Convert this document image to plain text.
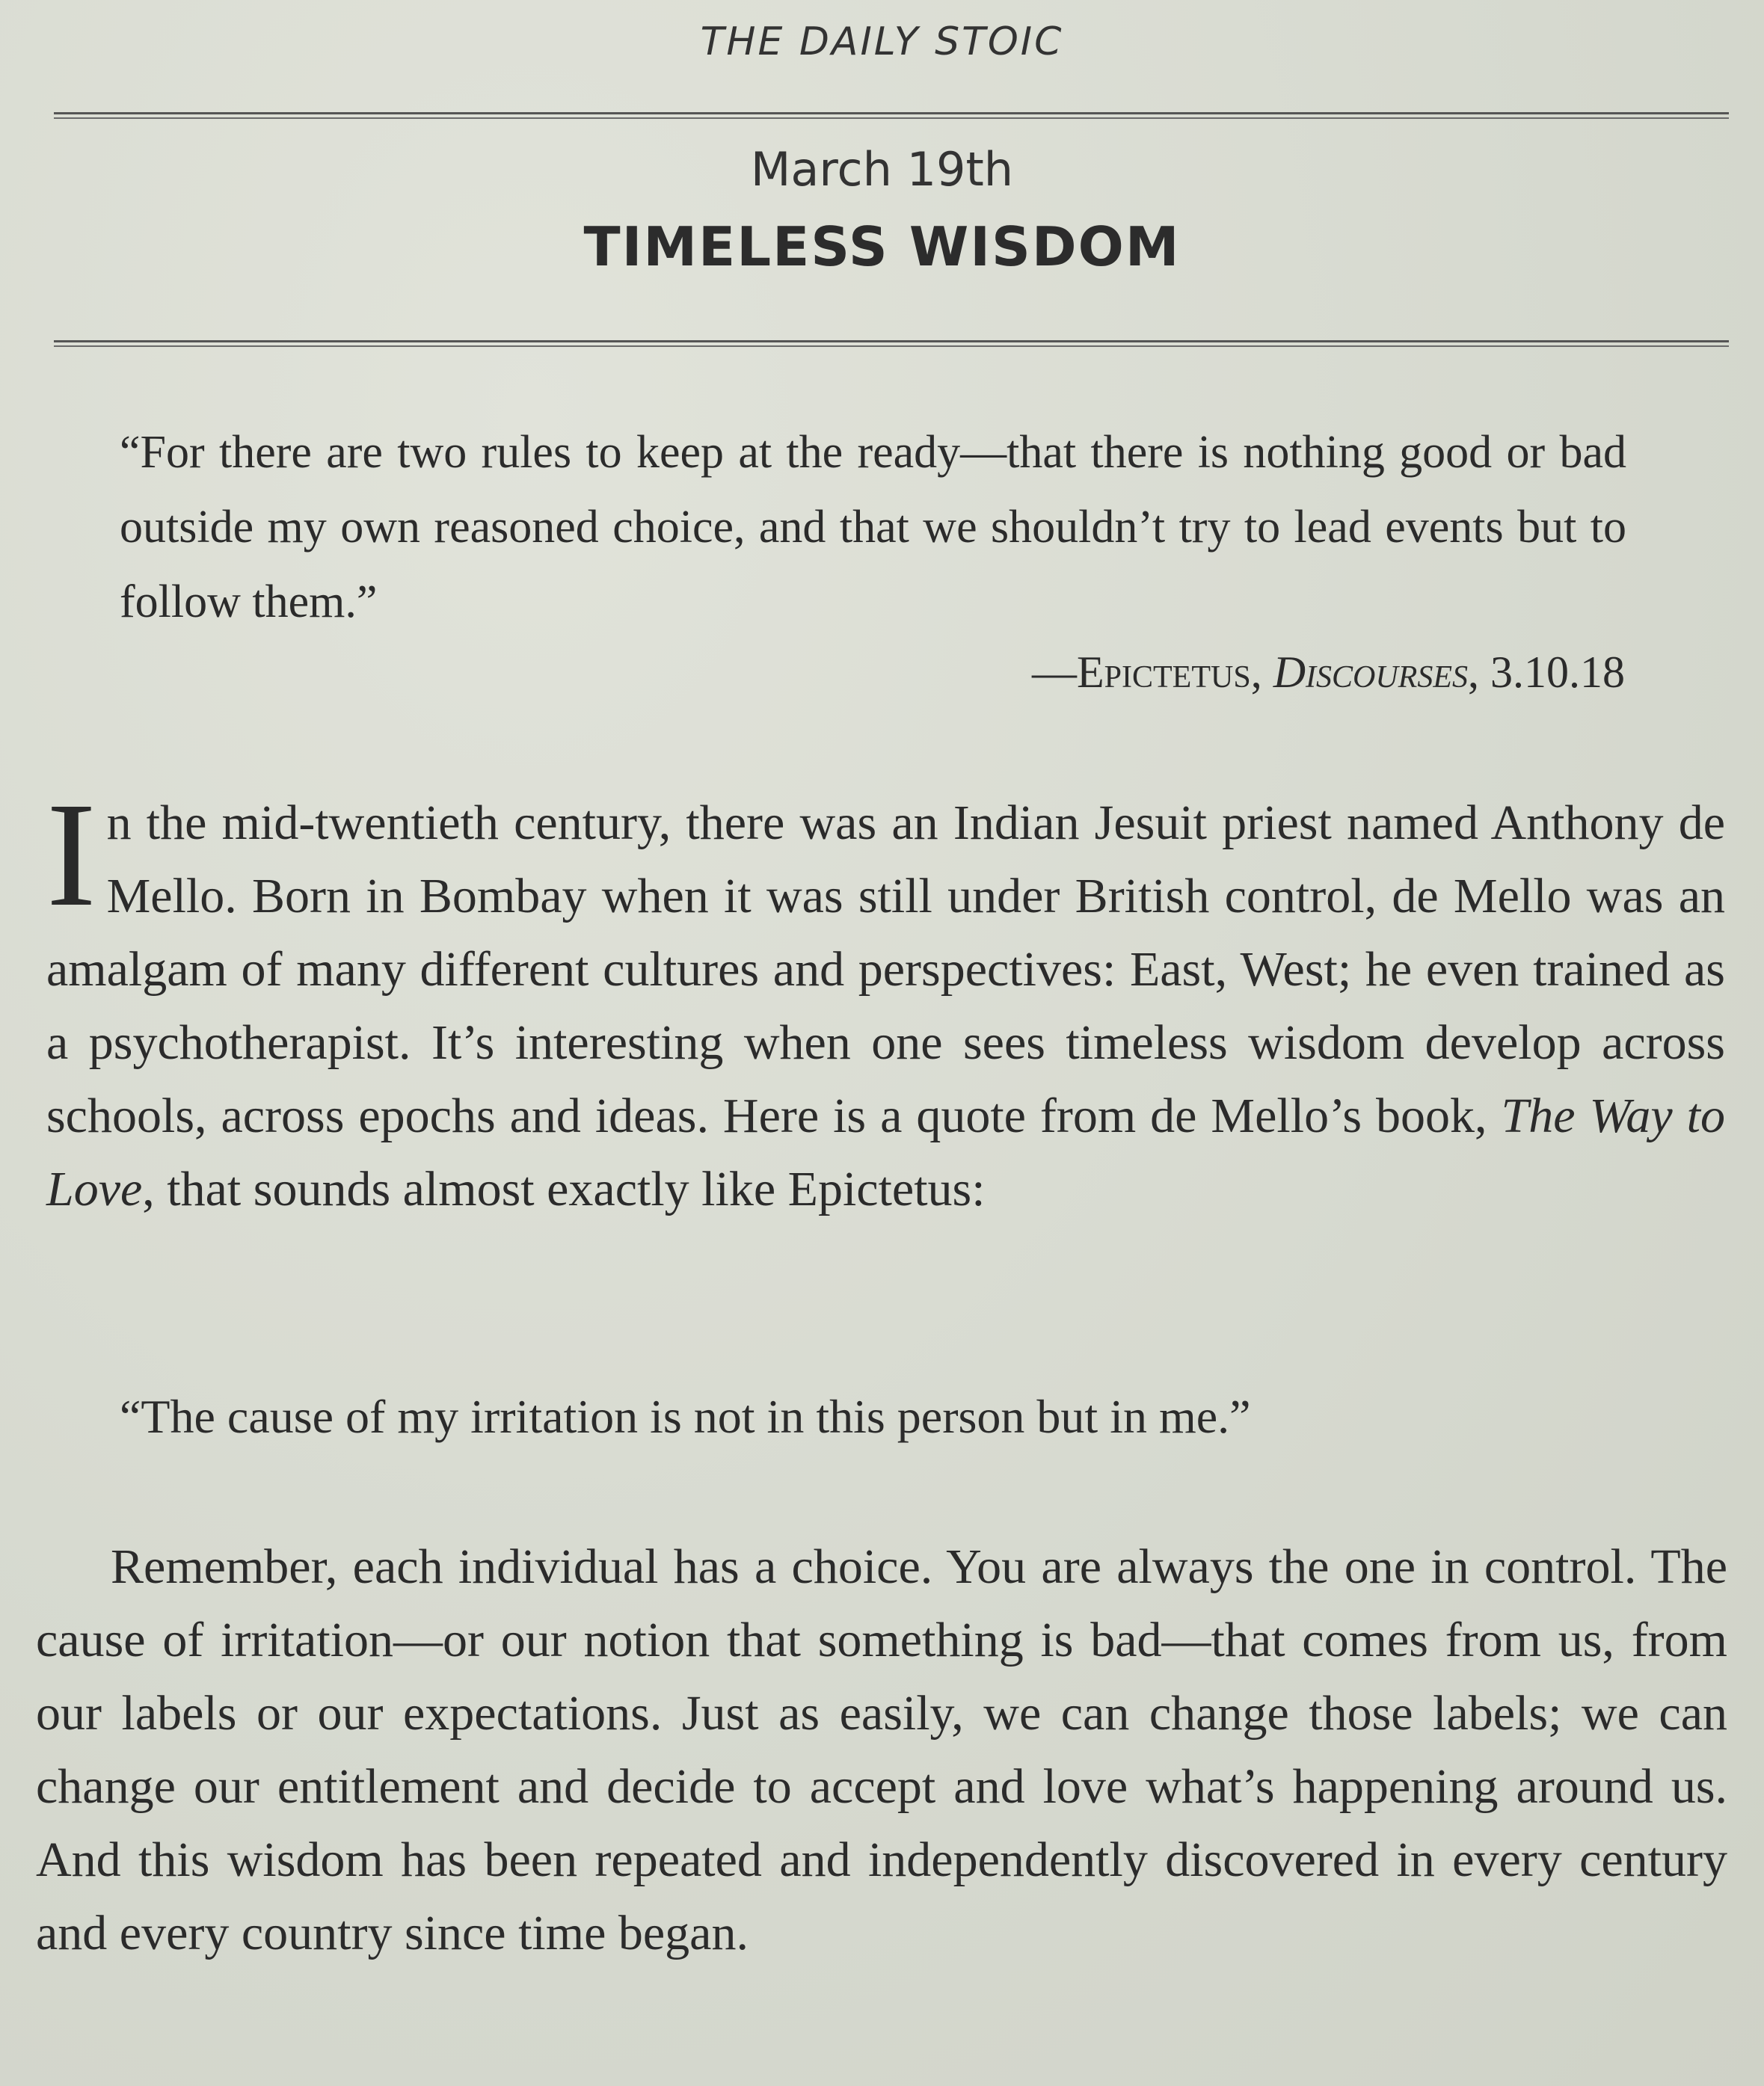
THE DAILY STOIC
March 19th
TIMELESS WISDOM

“For there are two rules to keep at the ready—that there is nothing good or bad outside my own reasoned choice, and that we shouldn’t try to lead events but to follow them.”

—Epictetus, Discourses, 3.10.18

In the mid-twentieth century, there was an Indian Jesuit priest named Anthony de Mello. Born in Bombay when it was still under British control, de Mello was an amalgam of many different cultures and perspectives: East, West; he even trained as a psychotherapist. It’s interesting when one sees timeless wisdom develop across schools, across epochs and ideas. Here is a quote from de Mello’s book, The Way to Love, that sounds almost exactly like Epictetus:

“The cause of my irritation is not in this person but in me.”

Remember, each individual has a choice. You are always the one in control. The cause of irritation—or our notion that something is bad—that comes from us, from our labels or our expectations. Just as easily, we can change those labels; we can change our entitlement and decide to accept and love what’s happening around us. And this wisdom has been repeated and independently discovered in every century and every country since time began.
